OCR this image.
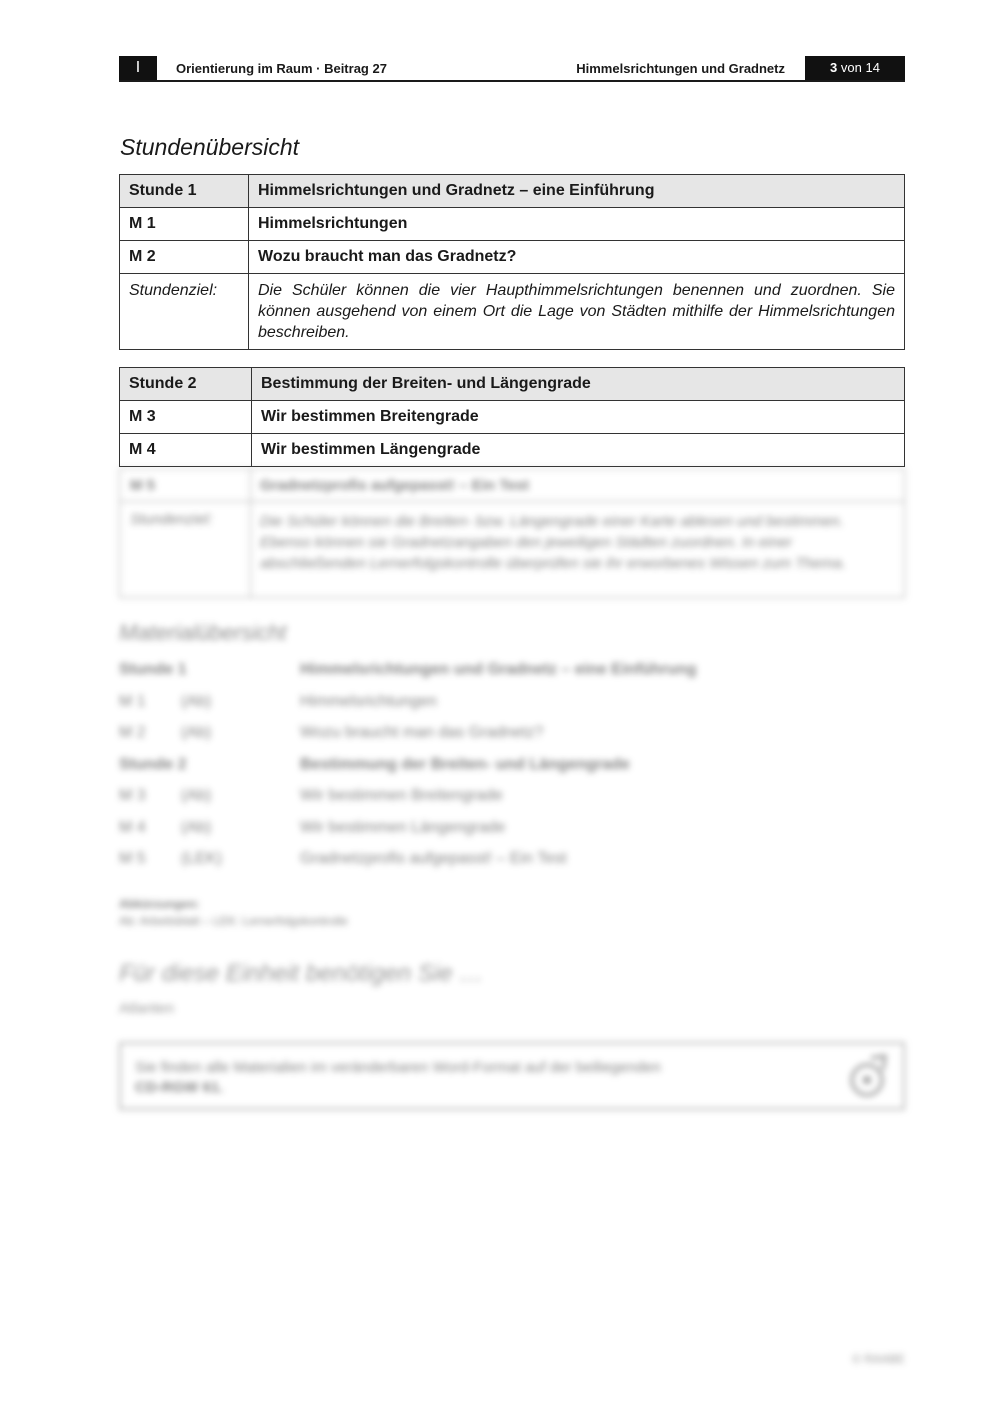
I	Orientierung im Raum · Beitrag 27	Himmelsrichtungen und Gradnetz	3 von 14
Stundenübersicht
Stunde 1	Himmelsrichtungen und Gradnetz – eine Einführung
M 1	Himmelsrichtungen
M 2	Wozu braucht man das Gradnetz?
Stundenziel:	Die Schüler können die vier Haupthimmelsrichtungen benennen und zuordnen. Sie können ausgehend von einem Ort die Lage von Städten mithilfe der Himmelsrichtungen beschreiben.
Stunde 2	Bestimmung der Breiten- und Längengrade
M 3	Wir bestimmen Breitengrade
M 4	Wir bestimmen Längengrade
M 5	Gradnetzprofis aufgepasst! – Ein Test
Stundenziel:	Die Schüler können die Breiten- bzw. Längengrade einer Karte ablesen und bestimmen. Ebenso können sie Gradnetzangaben den jeweiligen Städten zuordnen. In einer abschließenden Lernerfolgskontrolle überprüfen sie ihr erworbenes Wissen zum Thema.
Materialübersicht
Stunde 1	Himmelsrichtungen und Gradnetz – eine Einführung
M 1 (Ab)	Himmelsrichtungen
M 2 (Ab)	Wozu braucht man das Gradnetz?
Stunde 2	Bestimmung der Breiten- und Längengrade
M 3 (Ab)	Wir bestimmen Breitengrade
M 4 (Ab)	Wir bestimmen Längengrade
M 5 (LEK)	Gradnetzprofis aufgepasst! – Ein Test
Abkürzungen:
Ab: Arbeitsblatt – LEK: Lernerfolgskontrolle
Für diese Einheit benötigen Sie …
Atlanten
Sie finden alle Materialien im veränderbaren Word-Format auf der beiliegenden
CD-RGW 61.
© RAABE
